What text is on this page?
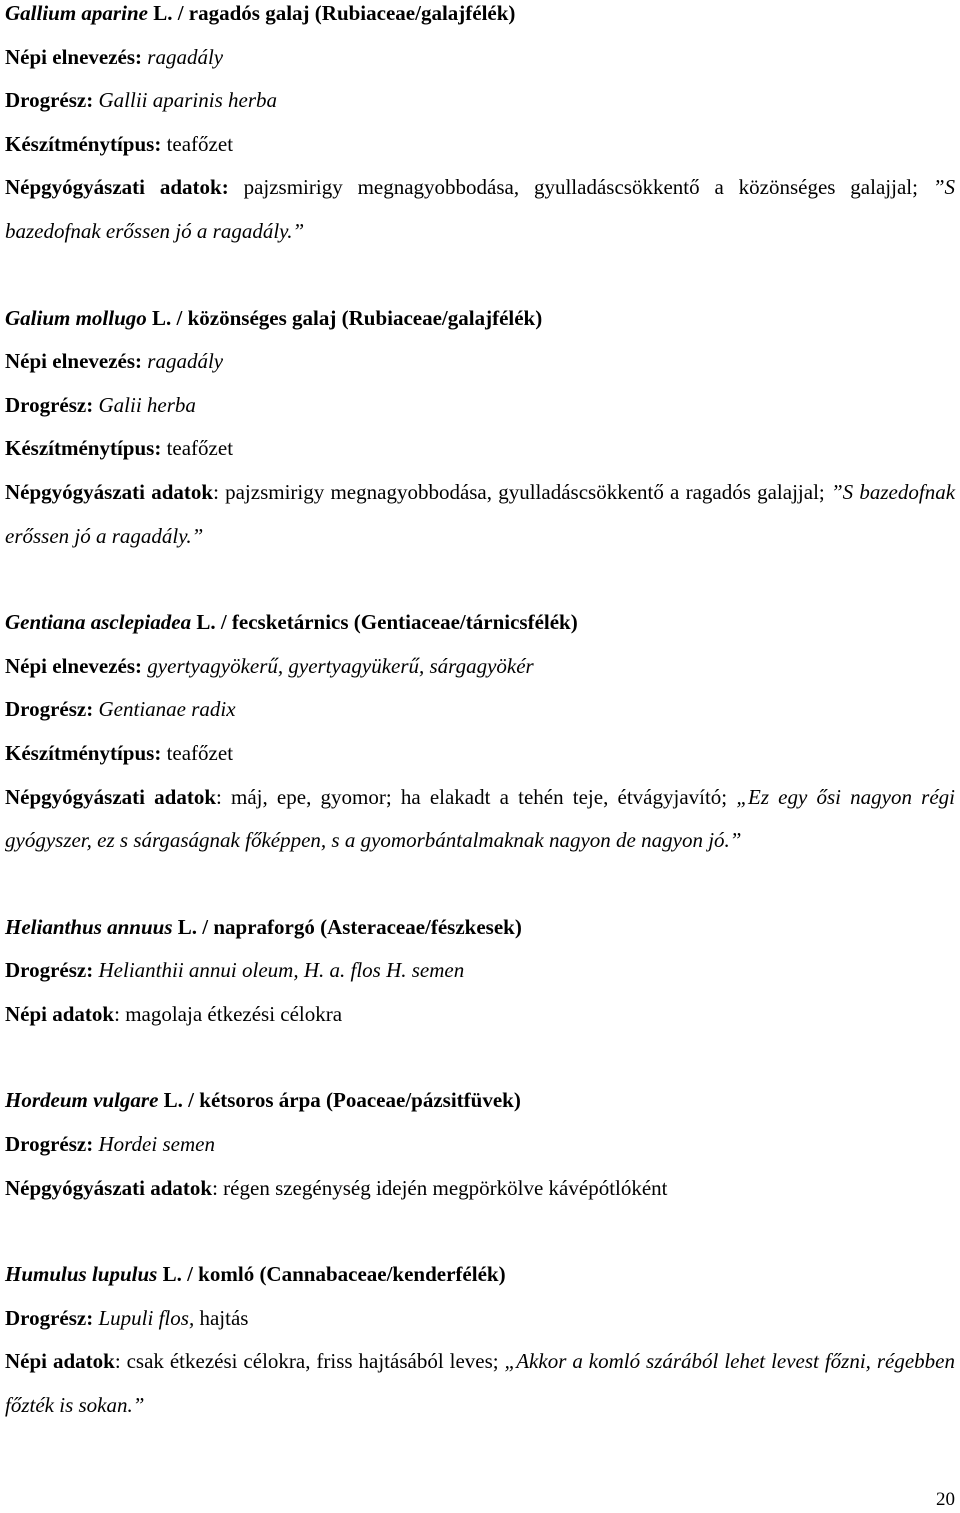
Gallium aparine L. / ragadós galaj (Rubiaceae/galajfélék)
Népi elnevezés: ragadály
Drogrész: Gallii aparinis herba
Készítménytípus: teafőzet

Népgyógyászati adatok: pajzsmirigy megnagyobbodása, gyulladáscsökkentő a közönséges galajjal; ”S bazedofnak erőssen jó a ragadály.”

Galium mollugo L. / közönséges galaj (Rubiaceae/galajfélék)
Népi elnevezés: ragadály
Drogrész: Galii herba
Készítménytípus: teafőzet

Népgyógyászati adatok: pajzsmirigy megnagyobbodása, gyulladáscsökkentő a ragadós galajjal; ”S bazedofnak erőssen jó a ragadály.”

Gentiana asclepiadea L. / fecsketárnics (Gentiaceae/tárnicsfélék)
Népi elnevezés: gyertyagyökerű, gyertyagyükerű, sárgagyökér
Drogrész: Gentianae radix
Készítménytípus: teafőzet

Népgyógyászati adatok: máj, epe, gyomor; ha elakadt a tehén teje, étvágyjavító; „Ez egy ősi nagyon régi gyógyszer, ez s sárgaságnak főképpen, s a gyomorbántalmaknak nagyon de nagyon jó.”

Helianthus annuus L. / napraforgó (Asteraceae/fészkesek)
Drogrész: Helianthii annui oleum, H. a. flos H. semen
Népi adatok: magolaja étkezési célokra
Hordeum vulgare L. / kétsoros árpa (Poaceae/pázsitfüvek)
Drogrész: Hordei semen
Népgyógyászati adatok: régen szegénység idején megpörkölve kávépótlóként
Humulus lupulus L. / komló (Cannabaceae/kenderfélék)
Drogrész: Lupuli flos, hajtás

Népi adatok: csak étkezési célokra, friss hajtásából leves; „Akkor a komló szárából lehet levest főzni, régebben főzték is sokan.”

20
